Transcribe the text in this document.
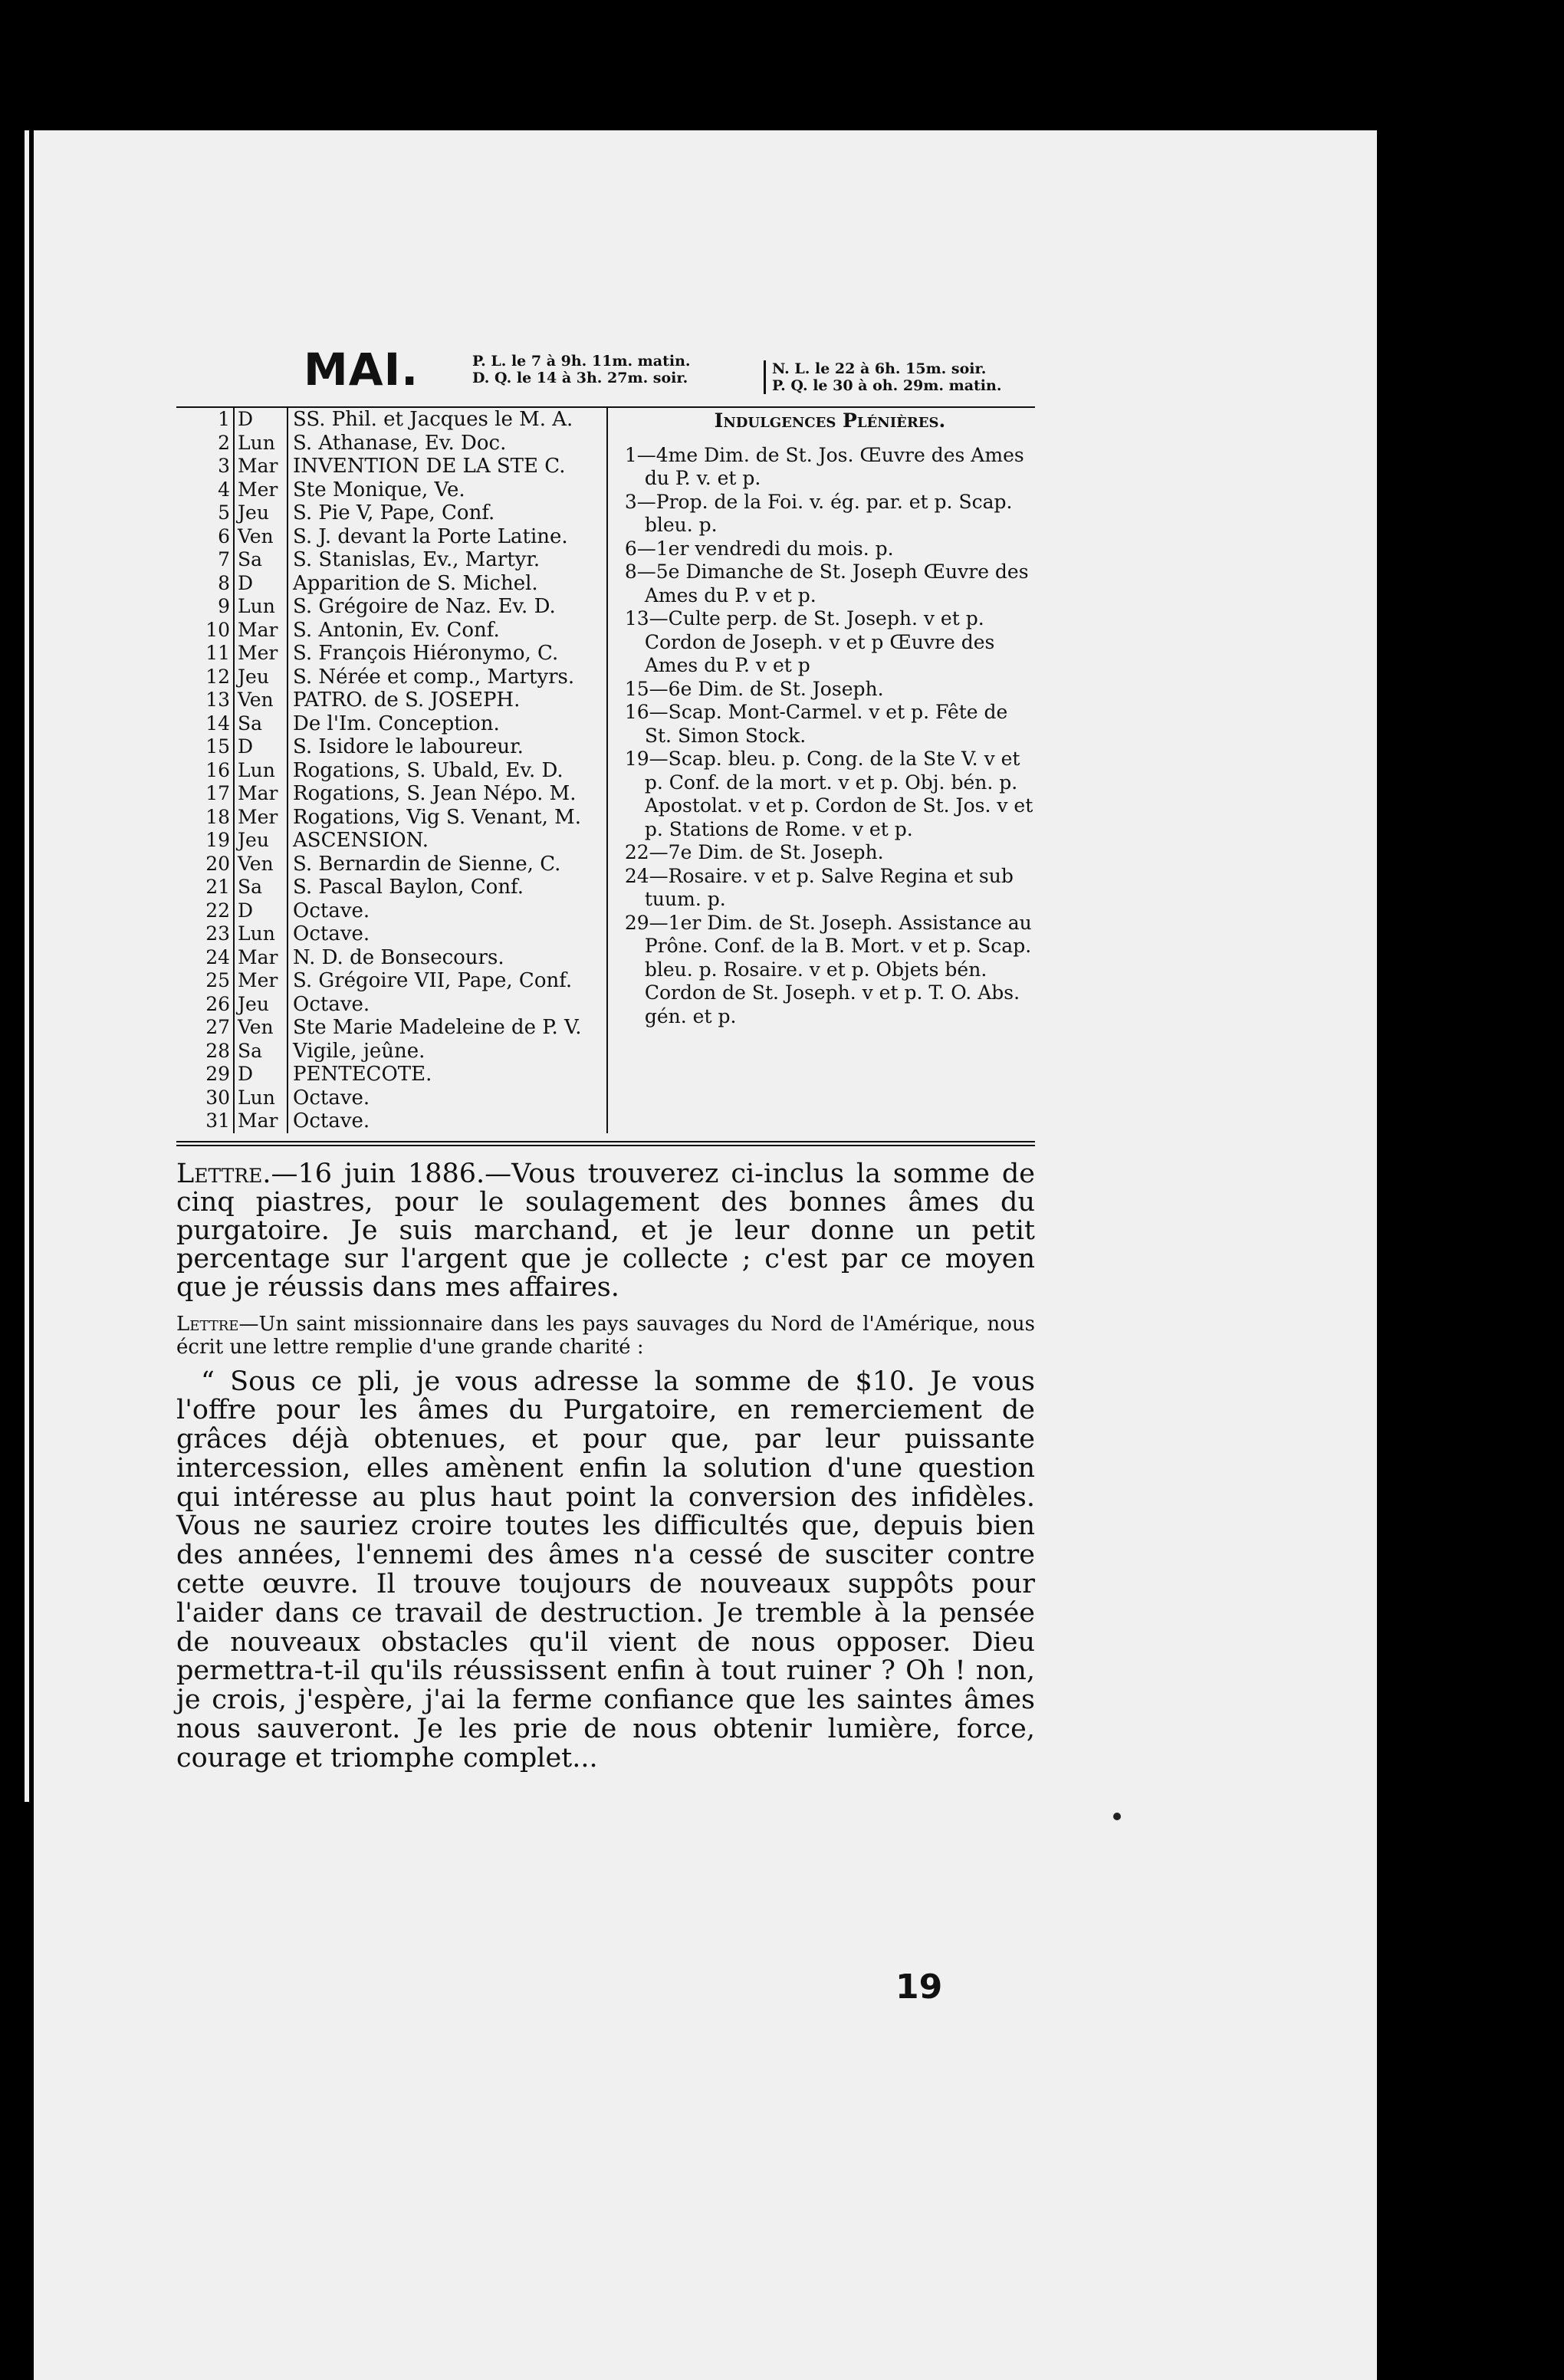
MAI.	P. L. le 7 à 9h. 11m. matin.
D. Q. le 14 à 3h. 27m. soir.
N. L. le 22 à 6h. 15m. soir.
P. Q. le 30 à oh. 29m. matin.
1 D	SS. Phil. et Jacques le M. A.
2 Lun S. Athanase, Ev. Doc.
3 Mar INVENTION DE LA STE C.
4 Mer Ste Monique, Ve.
5 Jeu	S. Pie V, Pape, Conf.
6 Ven S. J. devant la Porte Latine.
7 Sa	S. Stanislas, Ev., Martyr.
8 D	Apparition de S. Michel.
9 Lun S. Grégoire de Naz. Ev. D.
10 Mar S. Antonin, Ev. Conf.
11 Mer S. François Hiéronymo, C.
12 Jeu	S. Nérée et comp., Martyrs.
13 Ven PATRO. de S. JOSEPH.
14 Sa	De l'Im. Conception.
15 D	S. Isidore le laboureur.
16 Lun Rogations, S. Ubald, Ev. D.
17 Mar Rogations, S. Jean Népo. M.
18 Mer Rogations, Vig S. Venant, M.
19 Jeu	ASCENSION.
20 Ven S. Bernardin de Sienne, C.
21 Sa	S. Pascal Baylon, Conf.
22 D	Octave.
23 Lun Octave.
24 Mar N. D. de Bonsecours.
25 Mer S. Grégoire VII, Pape, Conf.
26 Jeu	Octave.
27 Ven Ste Marie Madeleine de P. V.
28 Sa	Vigile, jeûne.
29 D	PENTECOTE.
30 Lun Octave.
31 Mar Octave.
Indulgences Plénières.

1—4me Dim. de St. Jos. Œuvre des Ames du P. v. et p.

3—Prop. de la Foi. v. ég. par. et p. Scap. bleu. p.

6—1er vendredi du mois. p.

8—5e Dimanche de St. Joseph Œuvre des Ames du P. v et p.

13—Culte perp. de St. Joseph. v et p. Cordon de Joseph. v et p Œuvre des Ames du P. v et p

15—6e Dim. de St. Joseph.

16—Scap. Mont-Carmel. v et p. Fête de St. Simon Stock.

19—Scap. bleu. p. Cong. de la Ste V. v et p. Conf. de la mort. v et p. Obj. bén. p. Apostolat. v et p. Cordon de St. Jos. v et p. Stations de Rome. v et p.

22—7e Dim. de St. Joseph.

24—Rosaire. v et p. Salve Regina et sub tuum. p.

29—1er Dim. de St. Joseph. Assistance au Prône. Conf. de la B. Mort. v et p. Scap. bleu. p. Rosaire. v et p. Objets bén. Cordon de St. Joseph. v et p. T. O. Abs. gén. et p.

Lettre.—16 juin 1886.—Vous trouverez ci-inclus la somme de cinq piastres, pour le soulagement des bonnes âmes du purgatoire. Je suis marchand, et je leur donne un petit percentage sur l'argent que je collecte ; c'est par ce moyen que je réussis dans mes affaires.
Lettre—Un saint missionnaire dans les pays sauvages du Nord de l'Amérique, nous écrit une lettre remplie d'une grande charité :
“ Sous ce pli, je vous adresse la somme de $10. Je vous l'offre pour les âmes du Purgatoire, en remerciement de grâces déjà obtenues, et pour que, par leur puissante intercession, elles amènent enfin la solution d'une question qui intéresse au plus haut point la conversion des infidèles. Vous ne sauriez croire toutes les difficultés que, depuis bien des années, l'ennemi des âmes n'a cessé de susciter contre cette œuvre. Il trouve toujours de nouveaux suppôts pour l'aider dans ce travail de destruction. Je tremble à la pensée de nouveaux obstacles qu'il vient de nous opposer. Dieu permettra-t-il qu'ils réussissent enfin à tout ruiner ? Oh ! non, je crois, j'espère, j'ai la ferme confiance que les saintes âmes nous sauveront. Je les prie de nous obtenir lumière, force, courage et triomphe complet...
19
